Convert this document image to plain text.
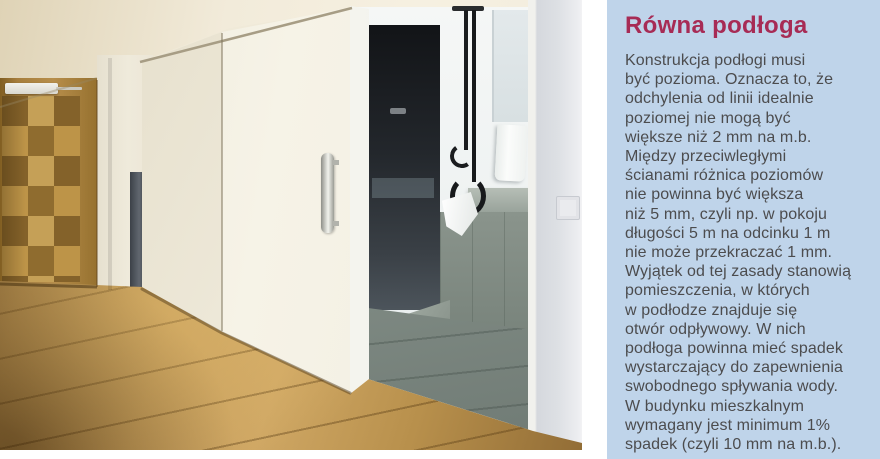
Równa podłoga
Konstrukcja podłogi musi
być pozioma. Oznacza to, że
odchylenia od linii idealnie
poziomej nie mogą być
większe niż 2 mm na m.b.
Między przeciwległymi
ścianami różnica poziomów
nie powinna być większa
niż 5 mm, czyli np. w pokoju
długości 5 m na odcinku 1 m
nie może przekraczać 1 mm.
Wyjątek od tej zasady stanowią
pomieszczenia, w których
w podłodze znajduje się
otwór odpływowy. W nich
podłoga powinna mieć spadek
wystarczający do zapewnienia
swobodnego spływania wody.
W budynku mieszkalnym
wymagany jest minimum 1%
spadek (czyli 10 mm na m.b.).
